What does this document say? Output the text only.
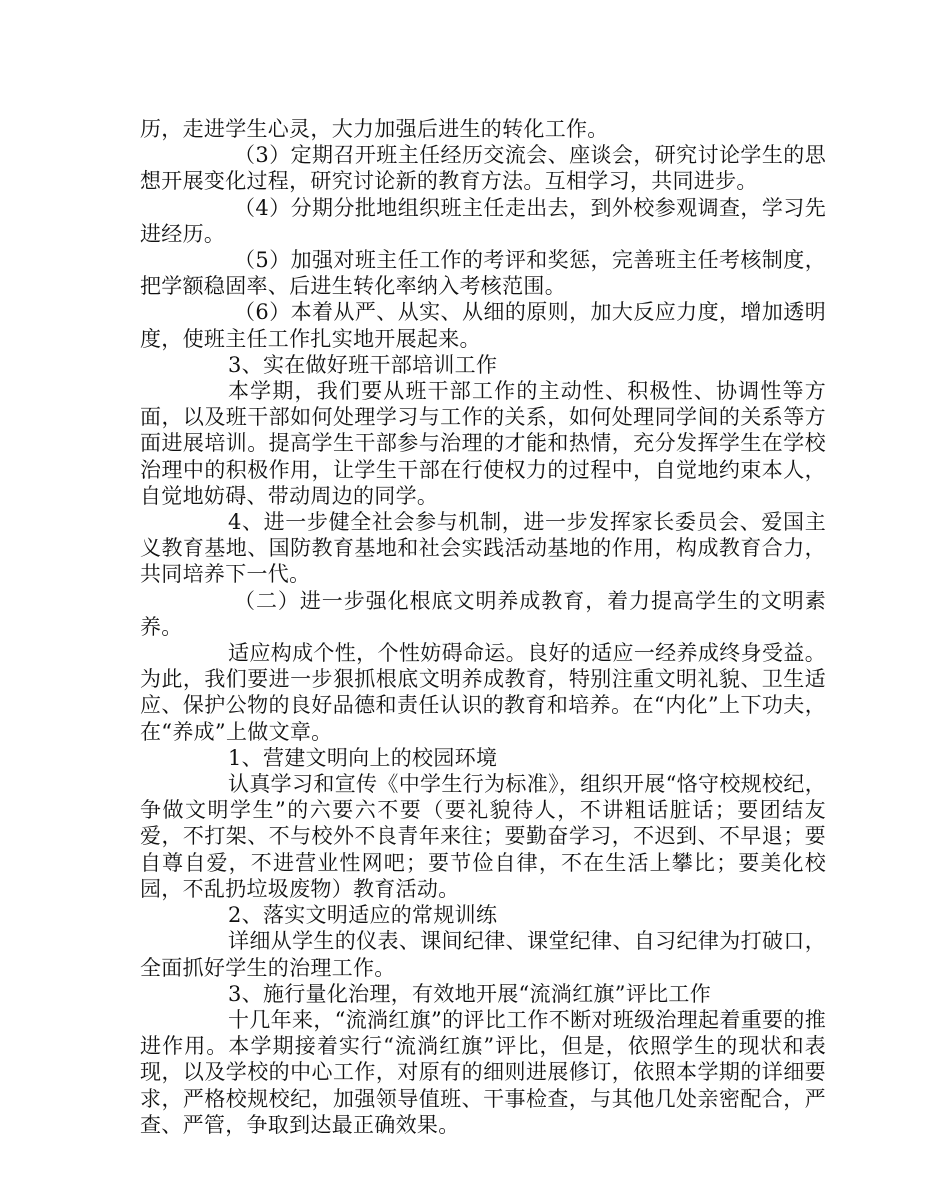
历，走进学生心灵，大力加强后进生的转化工作。

（3）定期召开班主任经历交流会、座谈会，研究讨论学生的思想开展变化过程，研究讨论新的教育方法。互相学习，共同进步。

（4）分期分批地组织班主任走出去，到外校参观调查，学习先进经历。

（5）加强对班主任工作的考评和奖惩，完善班主任考核制度，把学额稳固率、后进生转化率纳入考核范围。

（6）本着从严、从实、从细的原则，加大反应力度，增加透明度，使班主任工作扎实地开展起来。

3、实在做好班干部培训工作

本学期，我们要从班干部工作的主动性、积极性、协调性等方面，以及班干部如何处理学习与工作的关系，如何处理同学间的关系等方面进展培训。提高学生干部参与治理的才能和热情，充分发挥学生在学校治理中的积极作用，让学生干部在行使权力的过程中，自觉地约束本人，自觉地妨碍、带动周边的同学。

4、进一步健全社会参与机制，进一步发挥家长委员会、爱国主义教育基地、国防教育基地和社会实践活动基地的作用，构成教育合力，共同培养下一代。

（二）进一步强化根底文明养成教育，着力提高学生的文明素养。

适应构成个性，个性妨碍命运。良好的适应一经养成终身受益。为此，我们要进一步狠抓根底文明养成教育，特别注重文明礼貌、卫生适应、保护公物的良好品德和责任认识的教育和培养。在“内化”上下功夫，在“养成”上做文章。

1、营建文明向上的校园环境

认真学习和宣传《中学生行为标准》，组织开展“恪守校规校纪，争做文明学生”的六要六不要（要礼貌待人，不讲粗话脏话；要团结友爱，不打架、不与校外不良青年来往；要勤奋学习，不迟到、不早退；要自尊自爱，不进营业性网吧；要节俭自律，不在生活上攀比；要美化校园，不乱扔垃圾废物）教育活动。

2、落实文明适应的常规训练

详细从学生的仪表、课间纪律、课堂纪律、自习纪律为打破口，全面抓好学生的治理工作。

3、施行量化治理，有效地开展“流淌红旗”评比工作

十几年来，“流淌红旗”的评比工作不断对班级治理起着重要的推进作用。本学期接着实行“流淌红旗”评比，但是，依照学生的现状和表现，以及学校的中心工作，对原有的细则进展修订，依照本学期的详细要求，严格校规校纪，加强领导值班、干事检查，与其他几处亲密配合，严查、严管，争取到达最正确效果。
